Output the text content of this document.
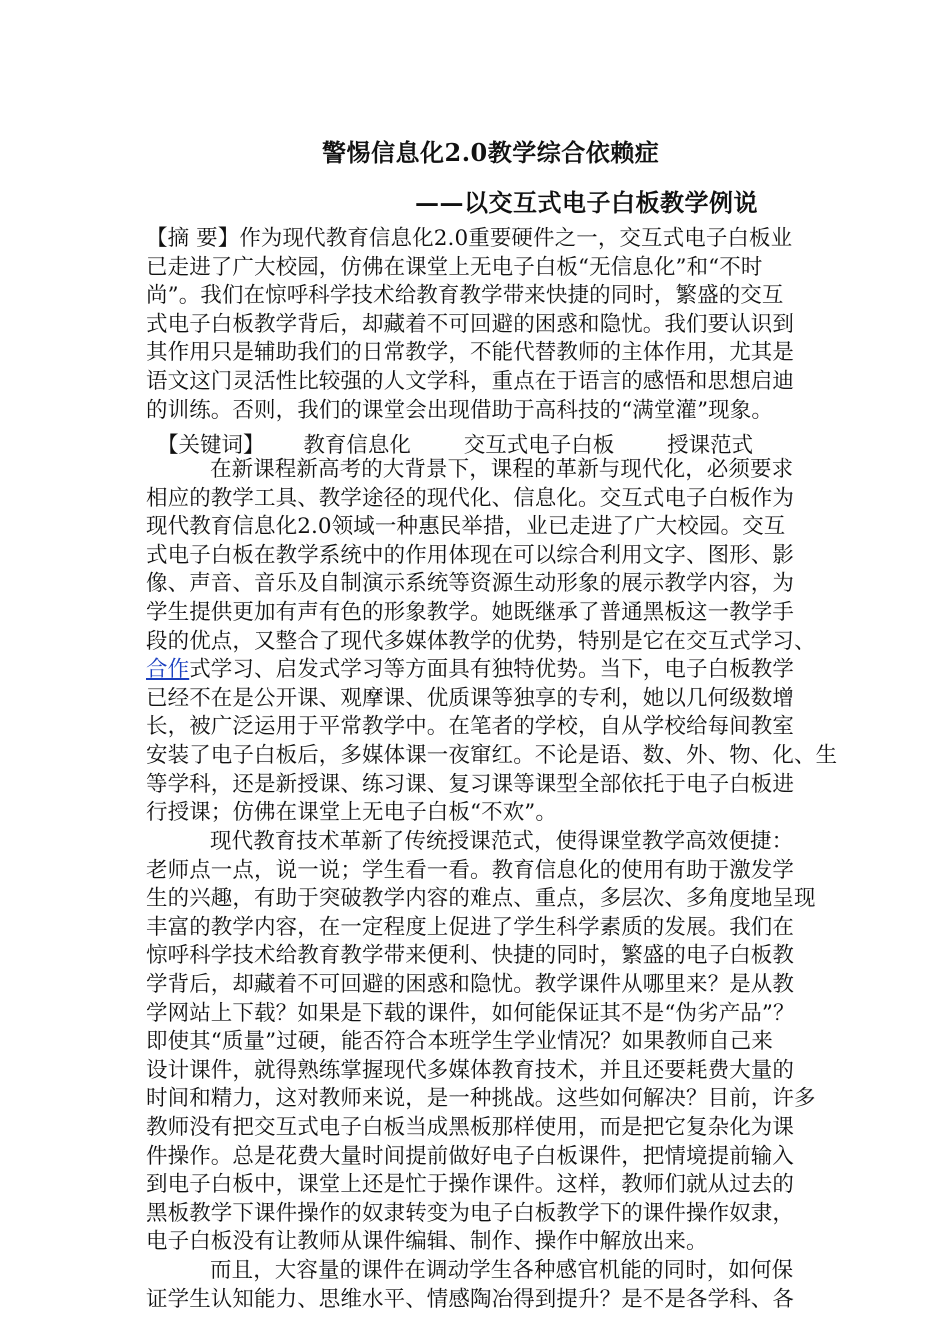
警惕信息化2.0教学综合依赖症
——以交互式电子白板教学例说
【摘 要】作为现代教育信息化2.0重要硬件之一，交互式电子白板业
已走进了广大校园，仿佛在课堂上无电子白板“无信息化”和“不时
尚”。我们在惊呼科学技术给教育教学带来快捷的同时，繁盛的交互
式电子白板教学背后，却藏着不可回避的困惑和隐忧。我们要认识到
其作用只是辅助我们的日常教学，不能代替教师的主体作用，尤其是
语文这门灵活性比较强的人文学科，重点在于语言的感悟和思想启迪
的训练。否则，我们的课堂会出现借助于高科技的“满堂灌”现象。
【关键词】 教育信息化 交互式电子白板 授课范式
在新课程新高考的大背景下，课程的革新与现代化，必须要求
相应的教学工具、教学途径的现代化、信息化。交互式电子白板作为
现代教育信息化2.0领域一种惠民举措，业已走进了广大校园。交互
式电子白板在教学系统中的作用体现在可以综合利用文字、图形、影
像、声音、音乐及自制演示系统等资源生动形象的展示教学内容，为
学生提供更加有声有色的形象教学。她既继承了普通黑板这一教学手
段的优点，又整合了现代多媒体教学的优势，特别是它在交互式学习、
合作式学习、启发式学习等方面具有独特优势。当下，电子白板教学
已经不在是公开课、观摩课、优质课等独享的专利，她以几何级数增
长，被广泛运用于平常教学中。在笔者的学校，自从学校给每间教室
安装了电子白板后，多媒体课一夜窜红。不论是语、数、外、物、化、生
等学科，还是新授课、练习课、复习课等课型全部依托于电子白板进
行授课；仿佛在课堂上无电子白板“不欢”。
现代教育技术革新了传统授课范式，使得课堂教学高效便捷：
老师点一点，说一说；学生看一看。教育信息化的使用有助于激发学
生的兴趣，有助于突破教学内容的难点、重点，多层次、多角度地呈现
丰富的教学内容，在一定程度上促进了学生科学素质的发展。我们在
惊呼科学技术给教育教学带来便利、快捷的同时，繁盛的电子白板教
学背后，却藏着不可回避的困惑和隐忧。教学课件从哪里来？是从教
学网站上下载？如果是下载的课件，如何能保证其不是“伪劣产品”？
即使其“质量”过硬，能否符合本班学生学业情况？如果教师自己来
设计课件，就得熟练掌握现代多媒体教育技术，并且还要耗费大量的
时间和精力，这对教师来说，是一种挑战。这些如何解决？目前，许多
教师没有把交互式电子白板当成黑板那样使用，而是把它复杂化为课
件操作。总是花费大量时间提前做好电子白板课件，把情境提前输入
到电子白板中，课堂上还是忙于操作课件。这样，教师们就从过去的
黑板教学下课件操作的奴隶转变为电子白板教学下的课件操作奴隶，
电子白板没有让教师从课件编辑、制作、操作中解放出来。
而且，大容量的课件在调动学生各种感官机能的同时，如何保
证学生认知能力、思维水平、情感陶冶得到提升？是不是各学科、各
